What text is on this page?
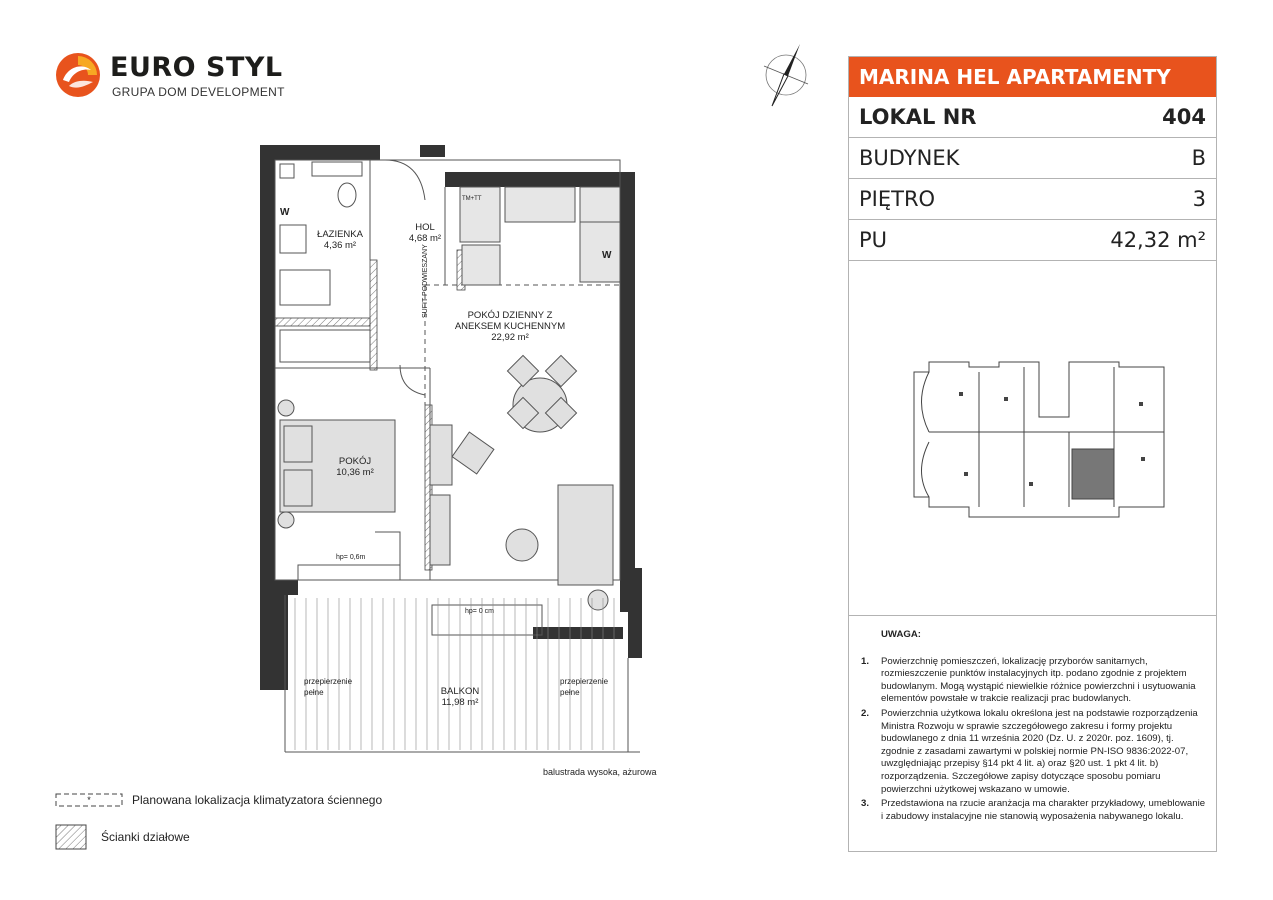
EURO STYL
GRUPA DOM DEVELOPMENT
W
W
TM+TT
SUFIT PODWIESZANY
ŁAZIENKA
4,36 m²
HOL
4,68 m²
POKÓJ DZIENNY Z
ANEKSEM KUCHENNYM
22,92 m²
POKÓJ
10,36 m²
BALKON
11,98 m²
przepierzenie
pełne
przepierzenie
pełne
hp= 0,6m
hp= 0 cm
balustrada wysoka, ażurowa
MARINA HEL APARTAMENTY
LOKAL NR	404
BUDYNEK	B
PIĘTRO	3
PU	42,32 m²
UWAGA:
1. Powierzchnię pomieszczeń, lokalizację przyborów sanitarnych, rozmieszczenie punktów instalacyjnych itp. podano zgodnie z projektem budowlanym. Mogą wystąpić niewielkie różnice powierzchni i usytuowania elementów powstałe w trakcie realizacji prac budowlanych.
2. Powierzchnia użytkowa lokalu określona jest na podstawie rozporządzenia Ministra Rozwoju w sprawie szczegółowego zakresu i formy projektu budowlanego z dnia 11 września 2020 (Dz. U. z 2020r. poz. 1609), tj. zgodnie z zasadami zawartymi w polskiej normie PN-ISO 9836:2022-07, uwzględniając przepisy §14 pkt 4 lit. a) oraz §20 ust. 1 pkt 4 lit. b) rozporządzenia. Szczegółowe zapisy dotyczące sposobu pomiaru powierzchni użytkowej wskazano w umowie.
3. Przedstawiona na rzucie aranżacja ma charakter przykładowy, umeblowanie i zabudowy instalacyjne nie stanowią wyposażenia nabywanego lokalu.
*	Planowana lokalizacja klimatyzatora ściennego
Ścianki działowe
